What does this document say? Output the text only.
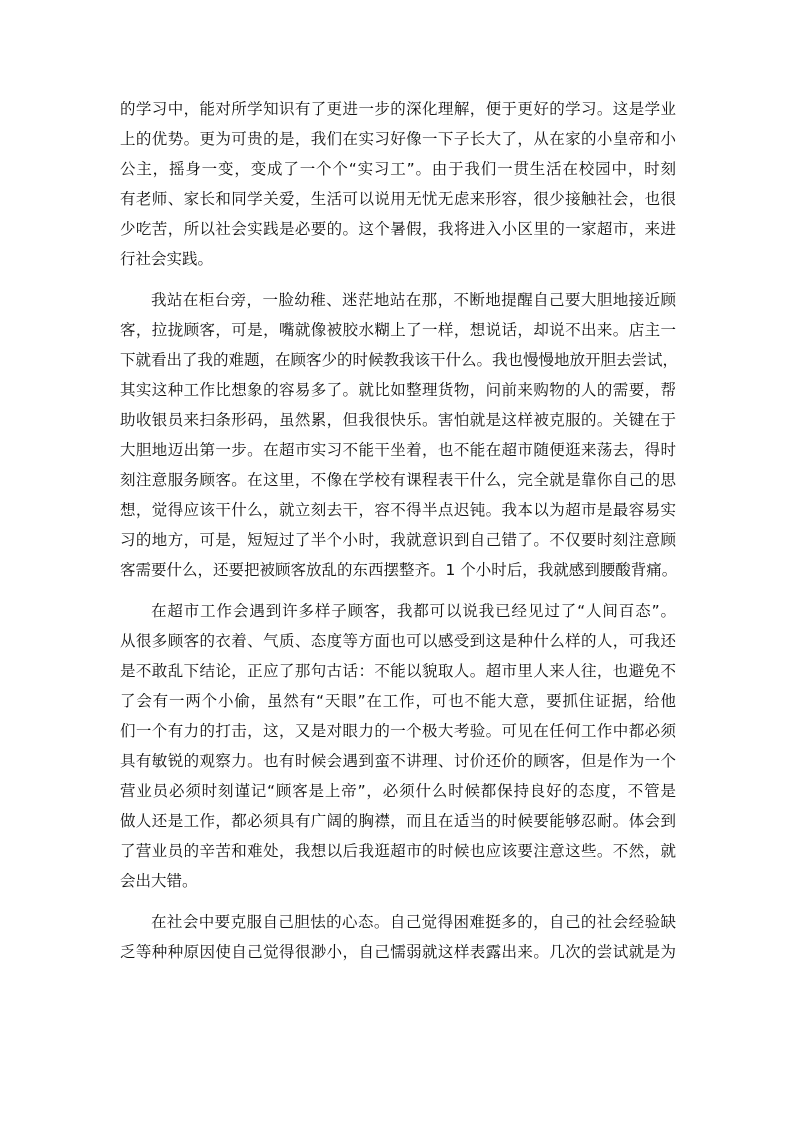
的学习中，能对所学知识有了更进一步的深化理解，便于更好的学习。这是学业
上的优势。更为可贵的是，我们在实习好像一下子长大了，从在家的小皇帝和小
公主，摇身一变，变成了一个个“实习工”。由于我们一贯生活在校园中，时刻
有老师、家长和同学关爱，生活可以说用无忧无虑来形容，很少接触社会，也很
少吃苦，所以社会实践是必要的。这个暑假，我将进入小区里的一家超市，来进
行社会实践。
我站在柜台旁，一脸幼稚、迷茫地站在那，不断地提醒自己要大胆地接近顾
客，拉拢顾客，可是，嘴就像被胶水糊上了一样，想说话，却说不出来。店主一
下就看出了我的难题，在顾客少的时候教我该干什么。我也慢慢地放开胆去尝试，
其实这种工作比想象的容易多了。就比如整理货物，问前来购物的人的需要，帮
助收银员来扫条形码，虽然累，但我很快乐。害怕就是这样被克服的。关键在于
大胆地迈出第一步。在超市实习不能干坐着，也不能在超市随便逛来荡去，得时
刻注意服务顾客。在这里，不像在学校有课程表干什么，完全就是靠你自己的思
想，觉得应该干什么，就立刻去干，容不得半点迟钝。我本以为超市是最容易实
习的地方，可是，短短过了半个小时，我就意识到自己错了。不仅要时刻注意顾
客需要什么，还要把被顾客放乱的东西摆整齐。1 个小时后，我就感到腰酸背痛。
在超市工作会遇到许多样子顾客，我都可以说我已经见过了“人间百态”。
从很多顾客的衣着、气质、态度等方面也可以感受到这是种什么样的人，可我还
是不敢乱下结论，正应了那句古话：不能以貌取人。超市里人来人往，也避免不
了会有一两个小偷，虽然有“天眼”在工作，可也不能大意，要抓住证据，给他
们一个有力的打击，这，又是对眼力的一个极大考验。可见在任何工作中都必须
具有敏锐的观察力。也有时候会遇到蛮不讲理、讨价还价的顾客，但是作为一个
营业员必须时刻谨记“顾客是上帝”，必须什么时候都保持良好的态度，不管是
做人还是工作，都必须具有广阔的胸襟，而且在适当的时候要能够忍耐。体会到
了营业员的辛苦和难处，我想以后我逛超市的时候也应该要注意这些。不然，就
会出大错。
在社会中要克服自己胆怯的心态。自己觉得困难挺多的，自己的社会经验缺
乏等种种原因使自己觉得很渺小，自己懦弱就这样表露出来。几次的尝试就是为
